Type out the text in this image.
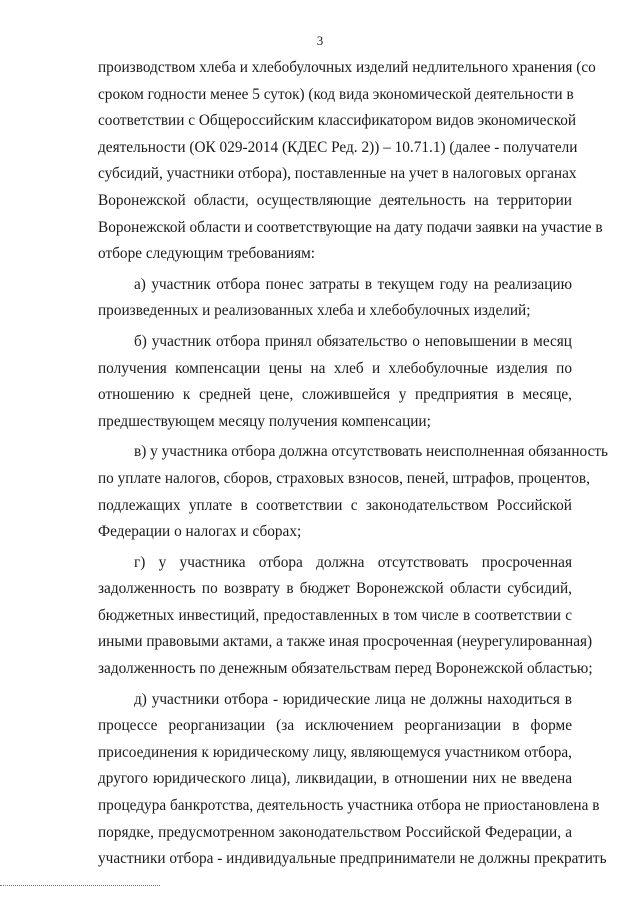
3

производством хлеба и хлебобулочных изделий недлительного хранения (со
сроком годности менее 5 суток) (код вида экономической деятельности в
соответствии с Общероссийским классификатором видов экономической
деятельности (ОК 029-2014 (КДЕС Ред. 2)) – 10.71.1) (далее - получатели
субсидий, участники отбора), поставленные на учет в налоговых органах
Воронежской области, осуществляющие деятельность на территории
Воронежской области и соответствующие на дату подачи заявки на участие в
отборе следующим требованиям:

а) участник отбора понес затраты в текущем году на реализацию
произведенных и реализованных хлеба и хлебобулочных изделий;

б) участник отбора принял обязательство о неповышении в месяц
получения компенсации цены на хлеб и хлебобулочные изделия по
отношению к средней цене, сложившейся у предприятия в месяце,
предшествующем месяцу получения компенсации;

в) у участника отбора должна отсутствовать неисполненная обязанность
по уплате налогов, сборов, страховых взносов, пеней, штрафов, процентов,
подлежащих уплате в соответствии с законодательством Российской
Федерации о налогах и сборах;

г) у участника отбора должна отсутствовать просроченная
задолженность по возврату в бюджет Воронежской области субсидий,
бюджетных инвестиций, предоставленных в том числе в соответствии с
иными правовыми актами, а также иная просроченная (неурегулированная)
задолженность по денежным обязательствам перед Воронежской областью;

д) участники отбора - юридические лица не должны находиться в
процессе реорганизации (за исключением реорганизации в форме
присоединения к юридическому лицу, являющемуся участником отбора,
другого юридического лица), ликвидации, в отношении них не введена
процедура банкротства, деятельность участника отбора не приостановлена в
порядке, предусмотренном законодательством Российской Федерации, а
участники отбора - индивидуальные предприниматели не должны прекратить
